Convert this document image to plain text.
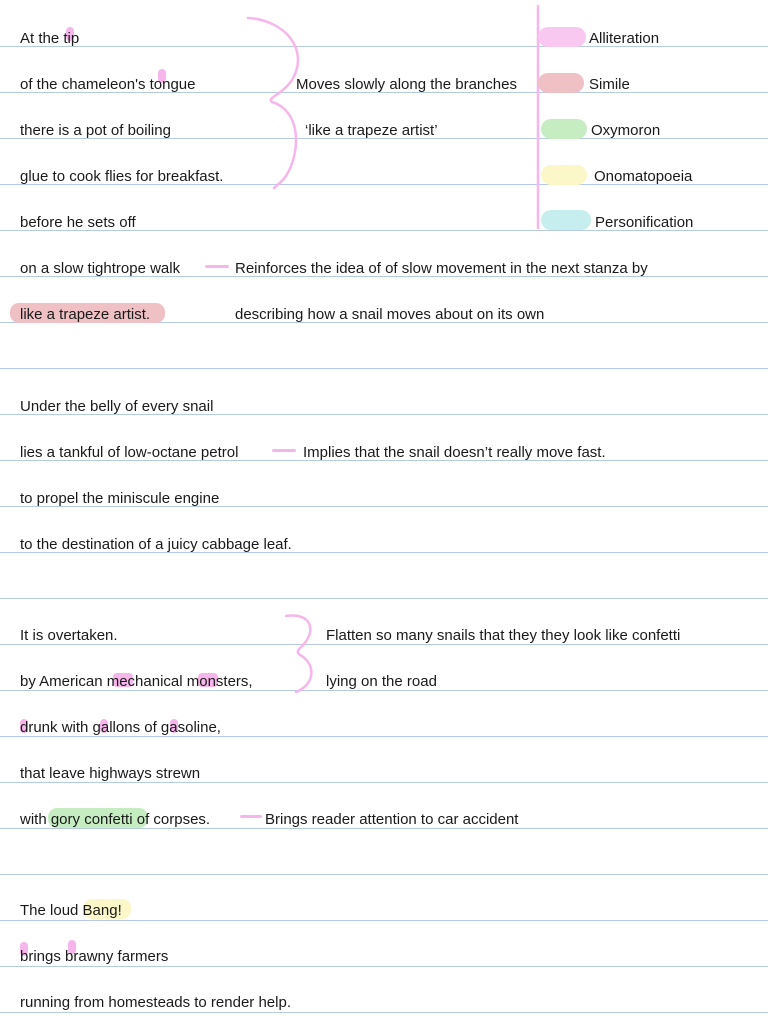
Alliteration
Simile
Oxymoron
Onomatopoeia
Personification
At the tip
of the chameleon's tongue
there is a pot of boiling
glue to cook flies for breakfast.
before he sets off
on a slow tightrope walk
like a trapeze artist.
Under the belly of every snail
lies a tankful of low-octane petrol
to propel the miniscule engine
to the destination of a juicy cabbage leaf.
It is overtaken.
by American mechanical monsters,
drunk with gallons of gasoline,
that leave highways strewn
with gory confetti of corpses.
The loud Bang!
brings brawny farmers
running from homesteads to render help.
Moves slowly along the branches
‘like a trapeze artist’
Reinforces the idea of of slow movement in the next stanza by
describing how a snail moves about on its own
Implies that the snail doesn’t really move fast.
Flatten so many snails that they they look like confetti
lying on the road
Brings reader attention to car accident
